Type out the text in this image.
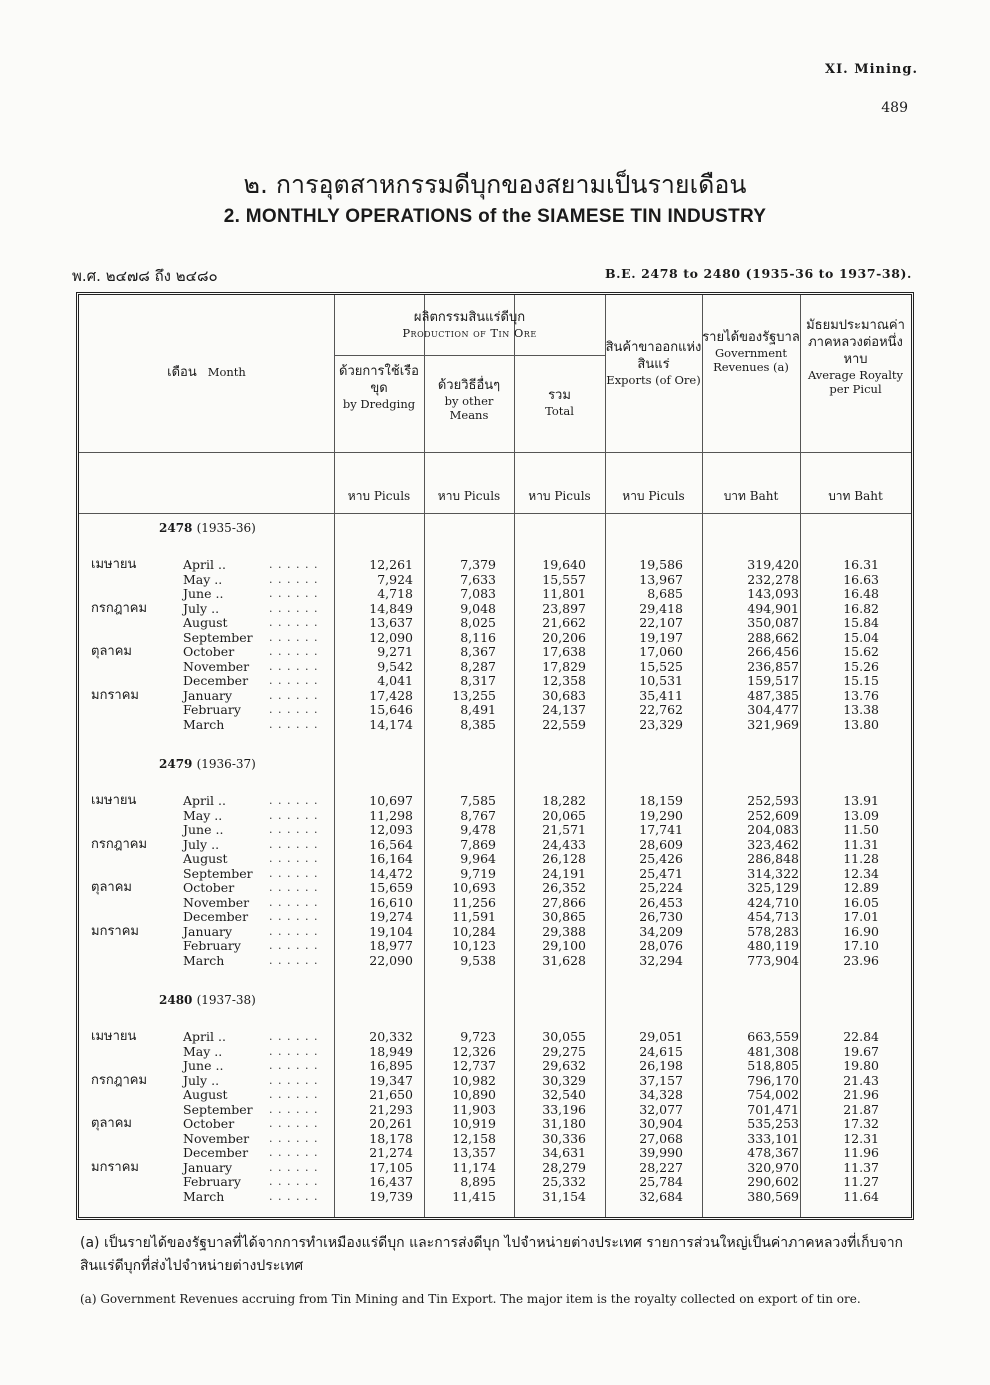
XI. Mining.
489
๒. การอุตสาหกรรมดีบุกของสยามเป็นรายเดือน
2. MONTHLY OPERATIONS of the SIAMESE TIN INDUSTRY
พ.ศ. ๒๔๗๘ ถึง ๒๔๘๐	B.E. 2478 to 2480 (1935-36 to 1937-38).
เดือน Month
ผลิตกรรมสินแร่ดีบุก
Production of Tin Ore
ด้วยการใช้เรือขุด
by Dredging
ด้วยวิธีอื่นๆ
by other Means
รวม
Total
สินค้าขาออกแห่งสินแร่
Exports (of Ore)
รายได้ของรัฐบาล
Government Revenues (a)
มัธยมประมาณค่าภาคหลวงต่อหนึ่งหาบ
Average Royalty per Picul
หาบ Piculs	หาบ Piculs	หาบ Piculs	หาบ Piculs	บาท Baht	บาท Baht
2478 (1935-36)
เมษายน	April ..	. . . . . .	12,261	7,379	19,640	19,586	319,420	16.31
May ..	. . . . . .	7,924	7,633	15,557	13,967	232,278	16.63
June ..	. . . . . .	4,718	7,083	11,801	8,685	143,093	16.48
กรกฎาคม	July ..	. . . . . .	14,849	9,048	23,897	29,418	494,901	16.82
August	. . . . . .	13,637	8,025	21,662	22,107	350,087	15.84
September . . . . . .	12,090	8,116	20,206	19,197	288,662	15.04
ตุลาคม	October	. . . . . .	9,271	8,367	17,638	17,060	266,456	15.62
November . . . . . .	9,542	8,287	17,829	15,525	236,857	15.26
December . . . . . .	4,041	8,317	12,358	10,531	159,517	15.15
มกราคม	January	. . . . . .	17,428	13,255	30,683	35,411	487,385	13.76
February	. . . . . .	15,646	8,491	24,137	22,762	304,477	13.38
March	. . . . . .	14,174	8,385	22,559	23,329	321,969	13.80
2479 (1936-37)
เมษายน	April ..	. . . . . .	10,697	7,585	18,282	18,159	252,593	13.91
May ..	. . . . . .	11,298	8,767	20,065	19,290	252,609	13.09
June ..	. . . . . .	12,093	9,478	21,571	17,741	204,083	11.50
กรกฎาคม	July ..	. . . . . .	16,564	7,869	24,433	28,609	323,462	11.31
August	. . . . . .	16,164	9,964	26,128	25,426	286,848	11.28
September . . . . . .	14,472	9,719	24,191	25,471	314,322	12.34
ตุลาคม	October	. . . . . .	15,659	10,693	26,352	25,224	325,129	12.89
November . . . . . .	16,610	11,256	27,866	26,453	424,710	16.05
December . . . . . .	19,274	11,591	30,865	26,730	454,713	17.01
มกราคม	January	. . . . . .	19,104	10,284	29,388	34,209	578,283	16.90
February	. . . . . .	18,977	10,123	29,100	28,076	480,119	17.10
March	. . . . . .	22,090	9,538	31,628	32,294	773,904	23.96
2480 (1937-38)
เมษายน	April ..	. . . . . .	20,332	9,723	30,055	29,051	663,559	22.84
May ..	. . . . . .	18,949	12,326	29,275	24,615	481,308	19.67
June ..	. . . . . .	16,895	12,737	29,632	26,198	518,805	19.80
กรกฎาคม	July ..	. . . . . .	19,347	10,982	30,329	37,157	796,170	21.43
August	. . . . . .	21,650	10,890	32,540	34,328	754,002	21.96
September . . . . . .	21,293	11,903	33,196	32,077	701,471	21.87
ตุลาคม	October	. . . . . .	20,261	10,919	31,180	30,904	535,253	17.32
November . . . . . .	18,178	12,158	30,336	27,068	333,101	12.31
December . . . . . .	21,274	13,357	34,631	39,990	478,367	11.96
มกราคม	January	. . . . . .	17,105	11,174	28,279	28,227	320,970	11.37
February	. . . . . .	16,437	8,895	25,332	25,784	290,602	11.27
March	. . . . . .	19,739	11,415	31,154	32,684	380,569	11.64
(a) เป็นรายได้ของรัฐบาลที่ได้จากการทำเหมืองแร่ดีบุก และการส่งดีบุก ไปจำหน่ายต่างประเทศ รายการส่วนใหญ่เป็นค่าภาคหลวงที่เก็บจากสินแร่ดีบุกที่ส่งไปจำหน่ายต่างประเทศ
(a) Government Revenues accruing from Tin Mining and Tin Export. The major item is the royalty collected on export of tin ore.
